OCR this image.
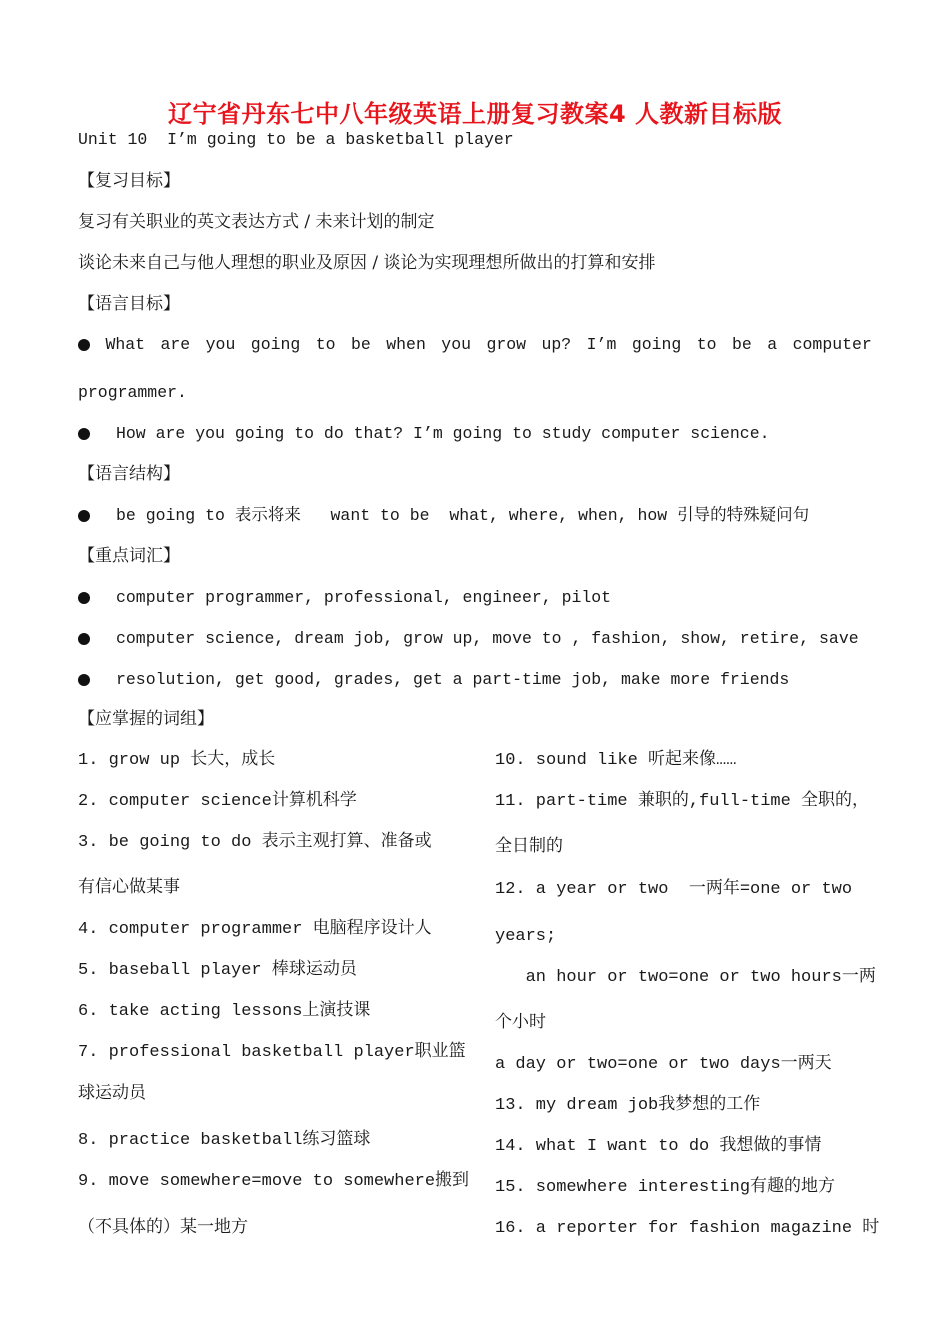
辽宁省丹东七中八年级英语上册复习教案4 人教新目标版
Unit 10  I’m going to be a basketball player
【复习目标】
复习有关职业的英文表达方式 / 未来计划的制定
谈论未来自己与他人理想的职业及原因 / 谈论为实现理想所做出的打算和安排
【语言目标】
What are you going to be when you grow up? I’m going to be a computer
programmer.
How are you going to do that? I’m going to study computer science.
【语言结构】
be going to 表示将来   want to be  what, where, when, how 引导的特殊疑问句
【重点词汇】
computer programmer, professional, engineer, pilot
computer science, dream job, grow up, move to , fashion, show, retire, save
resolution, get good, grades, get a part-time job, make more friends
【应掌握的词组】
1. grow up 长大，成长
2. computer science计算机科学
3. be going to do 表示主观打算、准备或
有信心做某事
4. computer programmer 电脑程序设计人
5. baseball player 棒球运动员
6. take acting lessons上演技课
7. professional basketball player职业篮
球运动员
8. practice basketball练习篮球
9. move somewhere=move to somewhere搬到
（不具体的）某一地方
10. sound like 听起来像……
11. part-time 兼职的,full-time 全职的，
全日制的
12. a year or two  一两年=one or two
years;
an hour or two=one or two hours一两
个小时
a day or two=one or two days一两天
13. my dream job我梦想的工作
14. what I want to do 我想做的事情
15. somewhere interesting有趣的地方
16. a reporter for fashion magazine 时
